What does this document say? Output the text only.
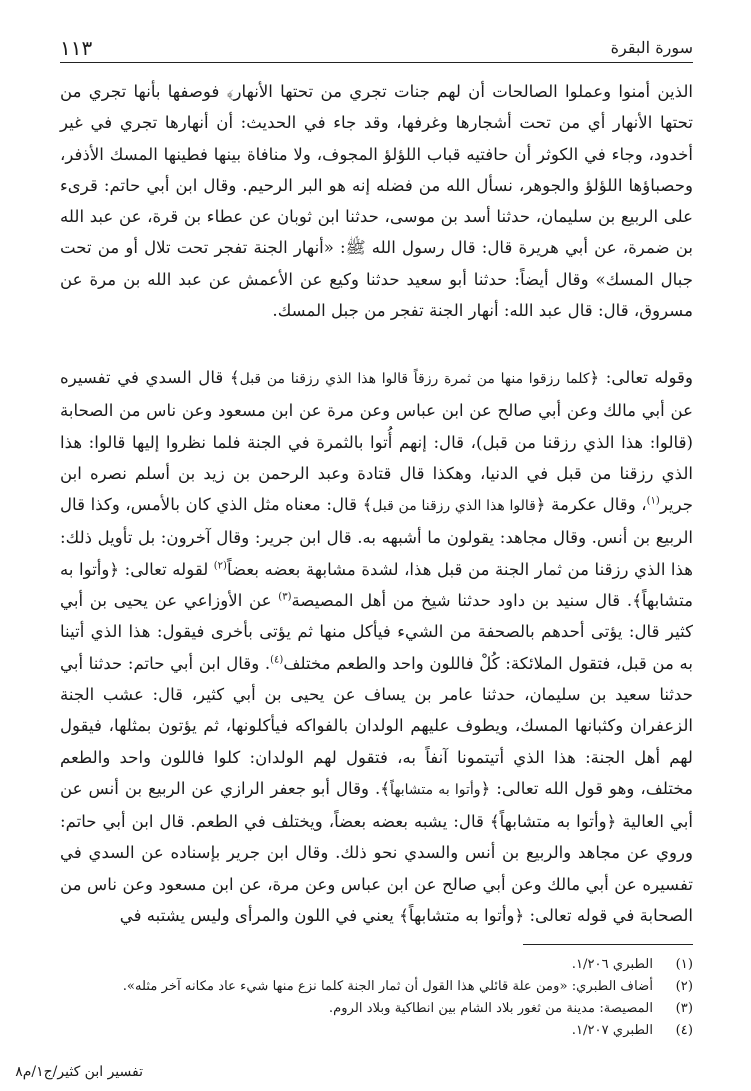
سورة البقرة
١١٣
الذين أمنوا وعملوا الصالحات أن لهم جنات تجري من تحتها الأنهار﴾ فوصفها بأنها تجري من تحتها الأنهار أي من تحت أشجارها وغرفها، وقد جاء في الحديث: أن أنهارها تجري في غير أخدود، وجاء في الكوثر أن حافتيه قباب اللؤلؤ المجوف، ولا منافاة بينها فطينها المسك الأذفر، وحصباؤها اللؤلؤ والجوهر، نسأل الله من فضله إنه هو البر الرحيم. وقال ابن أبي حاتم: قرىء على الربيع بن سليمان، حدثنا أسد بن موسى، حدثنا ابن ثوبان عن عطاء بن قرة، عن عبد الله بن ضمرة، عن أبي هريرة قال: قال رسول الله ﷺ: «أنهار الجنة تفجر تحت تلال أو من تحت جبال المسك» وقال أيضاً: حدثنا أبو سعيد حدثنا وكيع عن الأعمش عن عبد الله بن مرة عن مسروق، قال: قال عبد الله: أنهار الجنة تفجر من جبل المسك.
وقوله تعالى: ﴿كلما رزقوا منها من ثمرة رزقاً قالوا هذا الذي رزقنا من قبل﴾ قال السدي في تفسيره عن أبي مالك وعن أبي صالح عن ابن عباس وعن مرة عن ابن مسعود وعن ناس من الصحابة (قالوا: هذا الذي رزقنا من قبل)، قال: إنهم أُتوا بالثمرة في الجنة فلما نظروا إليها قالوا: هذا الذي رزقنا من قبل في الدنيا، وهكذا قال قتادة وعبد الرحمن بن زيد بن أسلم نصره ابن جرير$^{(١)}$، وقال عكرمة ﴿قالوا هذا الذي رزقنا من قبل﴾ قال: معناه مثل الذي كان بالأمس، وكذا قال الربيع بن أنس. وقال مجاهد: يقولون ما أشبهه به. قال ابن جرير: وقال آخرون: بل تأويل ذلك: هذا الذي رزقنا من ثمار الجنة من قبل هذا، لشدة مشابهة بعضه بعضاً$^{(٢)}$ لقوله تعالى: ﴿وأتوا به متشابهاً﴾. قال سنيد بن داود حدثنا شيخ من أهل المصيصة$^{(٣)}$ عن الأوزاعي عن يحيى بن أبي كثير قال: يؤتى أحدهم بالصحفة من الشيء فيأكل منها ثم يؤتى بأخرى فيقول: هذا الذي أتينا به من قبل، فتقول الملائكة: كُلْ فاللون واحد والطعم مختلف$^{(٤)}$. وقال ابن أبي حاتم: حدثنا أبي حدثنا سعيد بن سليمان، حدثنا عامر بن يساف عن يحيى بن أبي كثير، قال: عشب الجنة الزعفران وكثبانها المسك، ويطوف عليهم الولدان بالفواكه فيأكلونها، ثم يؤتون بمثلها، فيقول لهم أهل الجنة: هذا الذي أتيتمونا آنفاً به، فتقول لهم الولدان: كلوا فاللون واحد والطعم مختلف، وهو قول الله تعالى: ﴿وأتوا به متشابهاً﴾. وقال أبو جعفر الرازي عن الربيع بن أنس عن أبي العالية ﴿وأتوا به متشابهاً﴾ قال: يشبه بعضه بعضاً، ويختلف في الطعم. قال ابن أبي حاتم: وروي عن مجاهد والربيع بن أنس والسدي نحو ذلك. وقال ابن جرير بإسناده عن السدي في تفسيره عن أبي مالك وعن أبي صالح عن ابن عباس وعن مرة، عن ابن مسعود وعن ناس من الصحابة في قوله تعالى: ﴿وأتوا به متشابهاً﴾ يعني في اللون والمرأى وليس يشتبه في
(١)
الطبري ١/٢٠٦.
(٢)
أضاف الطبري: «ومن علة قائلي هذا القول أن ثمار الجنة كلما نزع منها شيء عاد مكانه آخر مثله».
(٣)
المصيصة: مدينة من ثغور بلاد الشام بين انطاكية وبلاد الروم.
(٤)
الطبري ١/٢٠٧.
تفسير ابن كثير/ج١/م٨
